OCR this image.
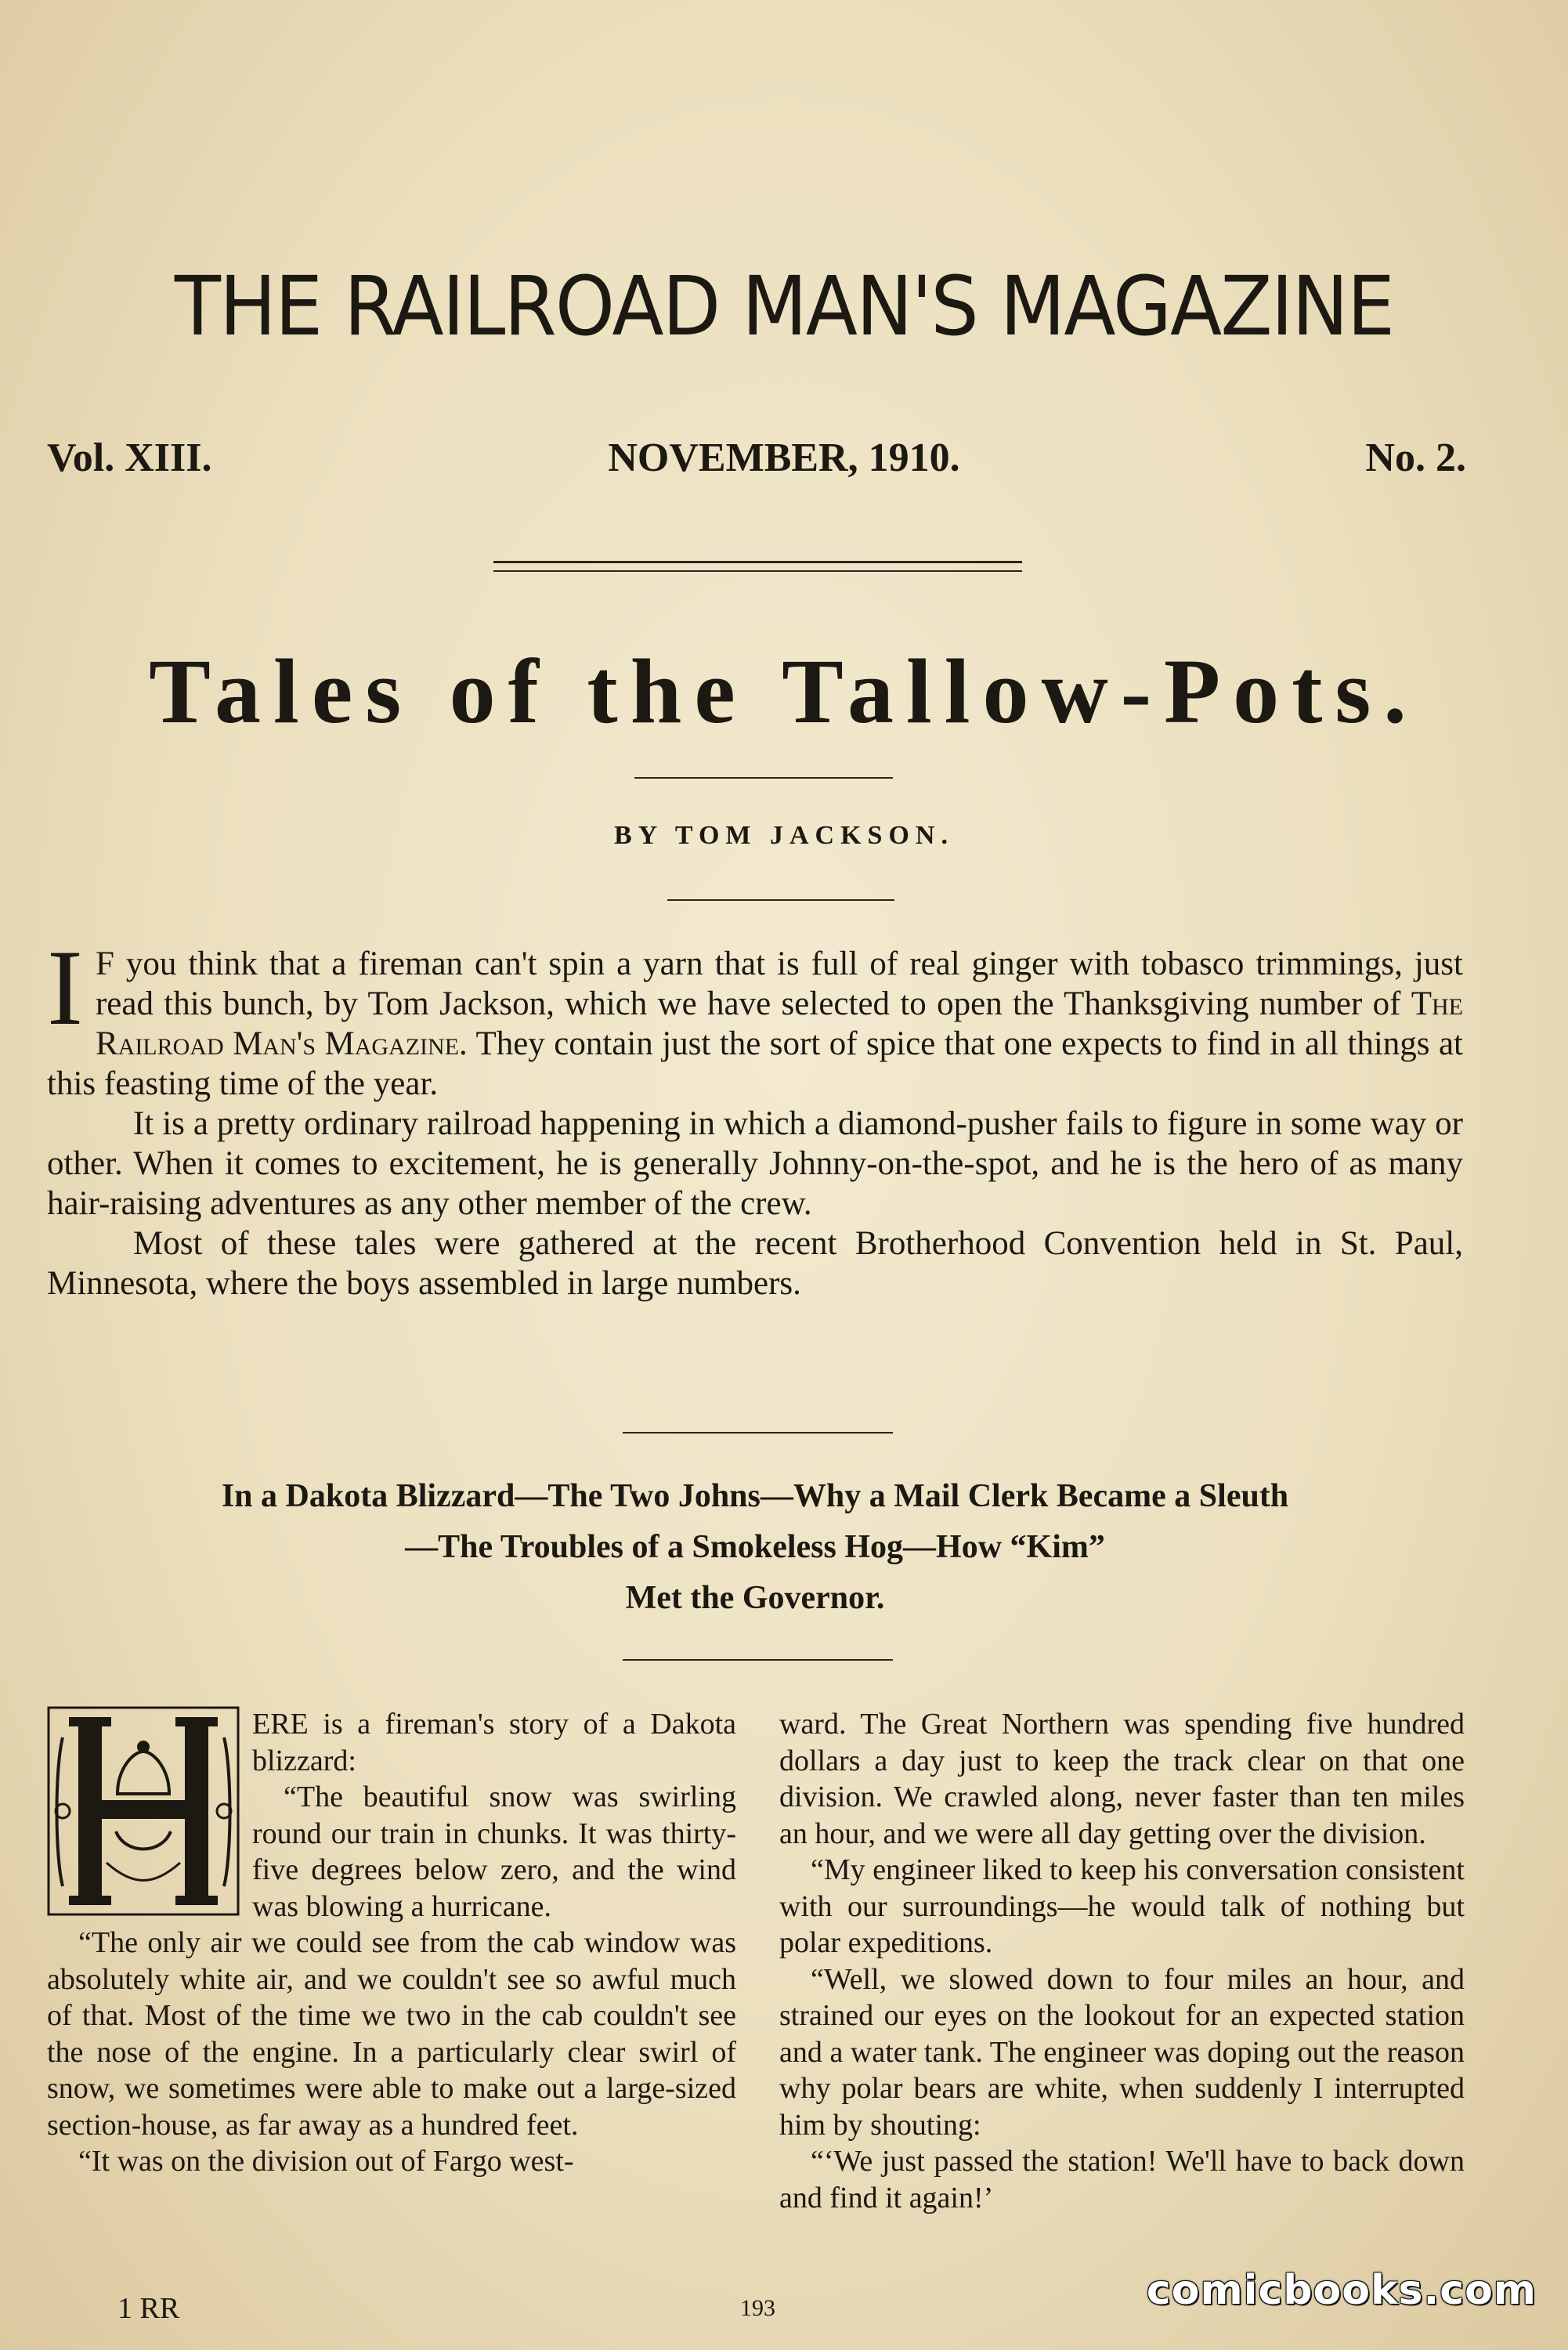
THE RAILROAD MAN'S MAGAZINE
Vol. XIII.	NOVEMBER, 1910.	No. 2.
Tales of the Tallow-Pots.
BY TOM JACKSON.

I F you think that a fireman can't spin a yarn that is full of real ginger with tobasco trimmings, just read this bunch, by Tom Jackson, which we have selected to open the Thanksgiving number of The Railroad Man's Magazine. They contain just the sort of spice that one expects to find in all things at this feasting time of the year.

It is a pretty ordinary railroad happening in which a diamond-pusher fails to figure in some way or other. When it comes to excitement, he is generally Johnny-on-the-spot, and he is the hero of as many hair-raising adventures as any other member of the crew.

Most of these tales were gathered at the recent Brotherhood Convention held in St. Paul, Minnesota, where the boys assembled in large numbers.

In a Dakota Blizzard—The Two Johns—Why a Mail Clerk Became a Sleuth
—The Troubles of a Smokeless Hog—How “Kim”
Met the Governor.

ERE is a fireman's story of a Dakota blizzard:

“The beautiful snow was swirling round our train in chunks. It was thirty-five degrees below zero, and the wind was blowing a hurricane.

“The only air we could see from the cab window was absolutely white air, and we couldn't see so awful much of that. Most of the time we two in the cab couldn't see the nose of the engine. In a particularly clear swirl of snow, we sometimes were able to make out a large-sized section-house, as far away as a hundred feet.

“It was on the division out of Fargo west-

ward. The Great Northern was spending five hundred dollars a day just to keep the track clear on that one division. We crawled along, never faster than ten miles an hour, and we were all day getting over the division.

“My engineer liked to keep his conversation consistent with our surroundings—he would talk of nothing but polar expeditions.

“Well, we slowed down to four miles an hour, and strained our eyes on the lookout for an expected station and a water tank. The engineer was doping out the reason why polar bears are white, when suddenly I interrupted him by shouting:

“‘We just passed the station! We'll have to back down and find it again!’

1 RR	193	comicbooks.com
